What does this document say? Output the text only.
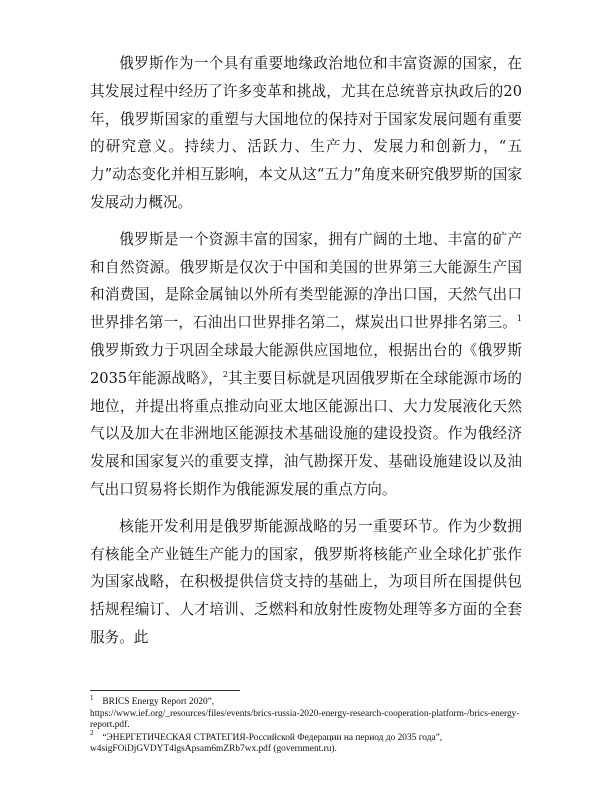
俄罗斯作为一个具有重要地缘政治地位和丰富资源的国家，在其发展过程中经历了许多变革和挑战，尤其在总统普京执政后的20年，俄罗斯国家的重塑与大国地位的保持对于国家发展问题有重要的研究意义。持续力、活跃力、生产力、发展力和创新力，“五力”动态变化并相互影响，本文从这“五力”角度来研究俄罗斯的国家发展动力概况。

俄罗斯是一个资源丰富的国家，拥有广阔的土地、丰富的矿产和自然资源。俄罗斯是仅次于中国和美国的世界第三大能源生产国和消费国，是除金属铀以外所有类型能源的净出口国，天然气出口世界排名第一，石油出口世界排名第二，煤炭出口世界排名第三。$^1$俄罗斯致力于巩固全球最大能源供应国地位，根据出台的《俄罗斯2035年能源战略》，$^2$其主要目标就是巩固俄罗斯在全球能源市场的地位，并提出将重点推动向亚太地区能源出口、大力发展液化天然气以及加大在非洲地区能源技术基础设施的建设投资。作为俄经济发展和国家复兴的重要支撑，油气勘探开发、基础设施建设以及油气出口贸易将长期作为俄能源发展的重点方向。

核能开发利用是俄罗斯能源战略的另一重要环节。作为少数拥有核能全产业链生产能力的国家，俄罗斯将核能产业全球化扩张作为国家战略，在积极提供信贷支持的基础上，为项目所在国提供包括规程编订、人才培训、乏燃料和放射性废物处理等多方面的全套服务。此

1 BRICS Energy Report 2020”,
https://www.ief.org/_resources/files/events/brics-russia-2020-energy-research-cooperation-platform-/brics-energy-report.pdf.
2 “ЭНЕРГЕТИЧЕСКАЯ СТРАТЕГИЯ-Российской Федерации на период до 2035 года”,
w4sigFOiDjGVDYT4lgsApsam6mZRb7wx.pdf (government.ru).
